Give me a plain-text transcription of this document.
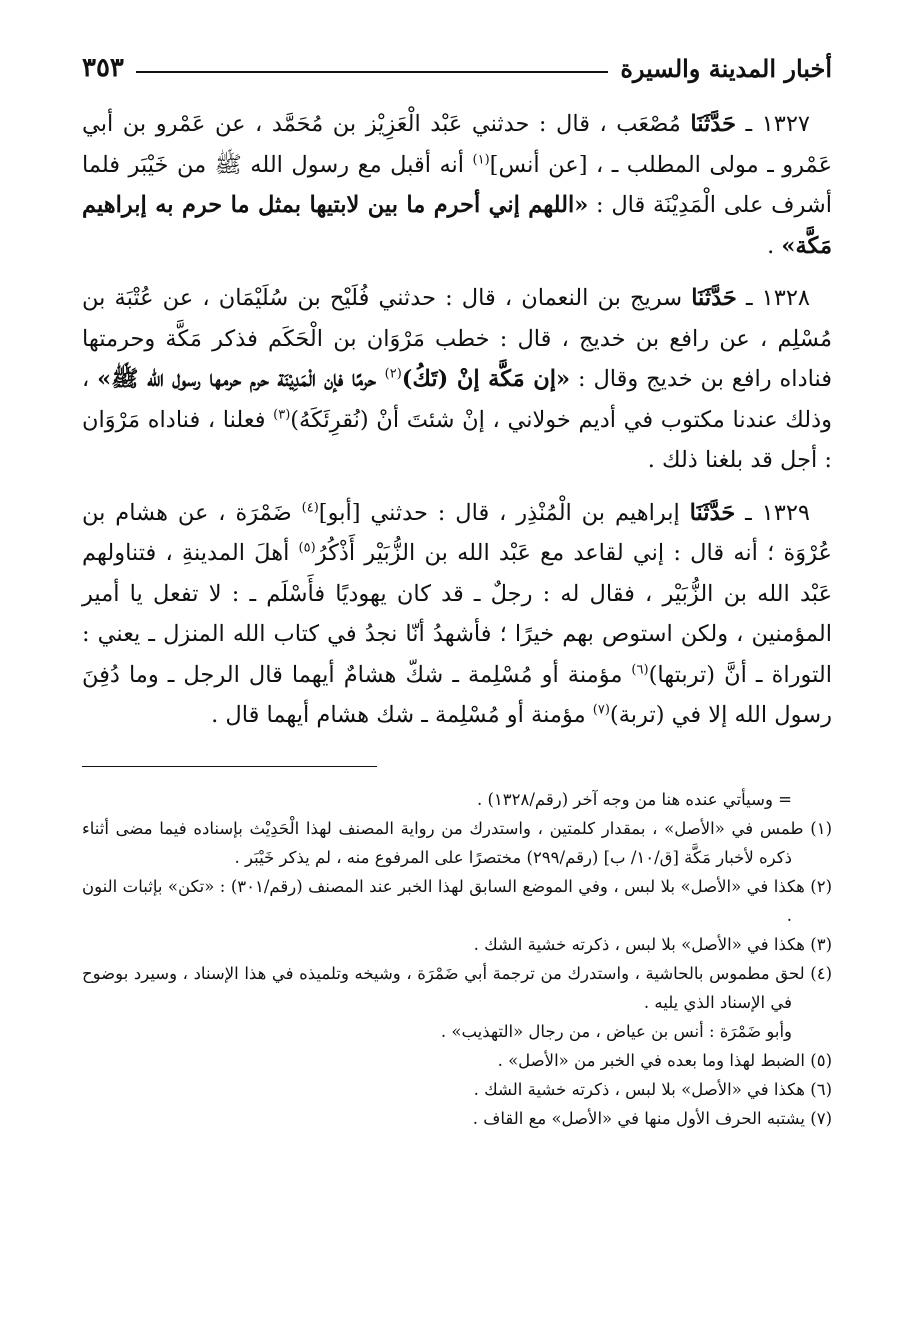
أخبار المدينة والسيرة
٣٥٣

١٣٢٧ ـ حَدَّثَنَا مُصْعَب ، قال : حدثني عَبْد الْعَزِيْز بن مُحَمَّد ، عن عَمْرو بن أبي عَمْرو ـ مولى المطلب ـ ، [عن أنس]$^{(١)}$ أنه أقبل مع رسول الله ﷺ من خَيْبَر فلما أشرف على الْمَدِيْنَة قال : «اللهم إني أحرم ما بين لابتيها بمثل ما حرم به إبراهيم مَكَّة» .

١٣٢٨ ـ حَدَّثَنَا سريج بن النعمان ، قال : حدثني فُلَيْح بن سُلَيْمَان ، عن عُتْبَة بن مُسْلِم ، عن رافع بن خديج ، قال : خطب مَرْوَان بن الْحَكَم فذكر مَكَّة وحرمتها فناداه رافع بن خديج وقال : «إن مَكَّة إنْ (تَكُ)$^{(٢)}$ حرمًا فإن الْمَدِيْنَة حرم حرمها رسول الله ﷺ» ، وذلك عندنا مكتوب في أديم خولاني ، إنْ شئتَ أنْ (نُقرِئَكَهُ)$^{(٣)}$ فعلنا ، فناداه مَرْوَان : أجل قد بلغنا ذلك .

١٣٢٩ ـ حَدَّثَنَا إبراهيم بن الْمُنْذِر ، قال : حدثني [أبو]$^{(٤)}$ ضَمْرَة ، عن هشام بن عُرْوَة ؛ أنه قال : إني لقاعد مع عَبْد الله بن الزُّبَيْر أَذْكُرُ$^{(٥)}$ أهلَ المدينةِ ، فتناولهم عَبْد الله بن الزُّبَيْر ، فقال له : رجلٌ ـ قد كان يهوديًا فأَسْلَم ـ : لا تفعل يا أمير المؤمنين ، ولكن استوص بهم خيرًا ؛ فأشهدُ أنّا نجدُ في كتاب الله المنزل ـ يعني : التوراة ـ أنَّ (تربتها)$^{(٦)}$ مؤمنة أو مُسْلِمة ـ شكّ هشامٌ أيهما قال الرجل ـ وما دُفِنَ رسول الله إلا في (تربة)$^{(٧)}$ مؤمنة أو مُسْلِمة ـ شك هشام أيهما قال .

= وسيأتي عنده هنا من وجه آخر (رقم/١٣٢٨) .

(١) طمس في «الأصل» ، بمقدار كلمتين ، واستدرك من رواية المصنف لهذا الْحَدِيْث بإسناده فيما مضى أثناء ذكره لأخبار مَكَّة [ق/١٠/ ب] (رقم/٢٩٩) مختصرًا على المرفوع منه ، لم يذكر خَيْبَر .

(٢) هكذا في «الأصل» بلا لبس ، وفي الموضع السابق لهذا الخبر عند المصنف (رقم/٣٠١) : «تكن» بإثبات النون .

(٣) هكذا في «الأصل» بلا لبس ، ذكرته خشية الشك .

(٤) لحق مطموس بالحاشية ، واستدرك من ترجمة أبي ضَمْرَة ، وشيخه وتلميذه في هذا الإسناد ، وسيرد بوضوح في الإسناد الذي يليه .

وأبو ضَمْرَة : أنس بن عياض ، من رجال «التهذيب» .

(٥) الضبط لهذا وما بعده في الخبر من «الأصل» .

(٦) هكذا في «الأصل» بلا لبس ، ذكرته خشية الشك .

(٧) يشتبه الحرف الأول منها في «الأصل» مع القاف .
